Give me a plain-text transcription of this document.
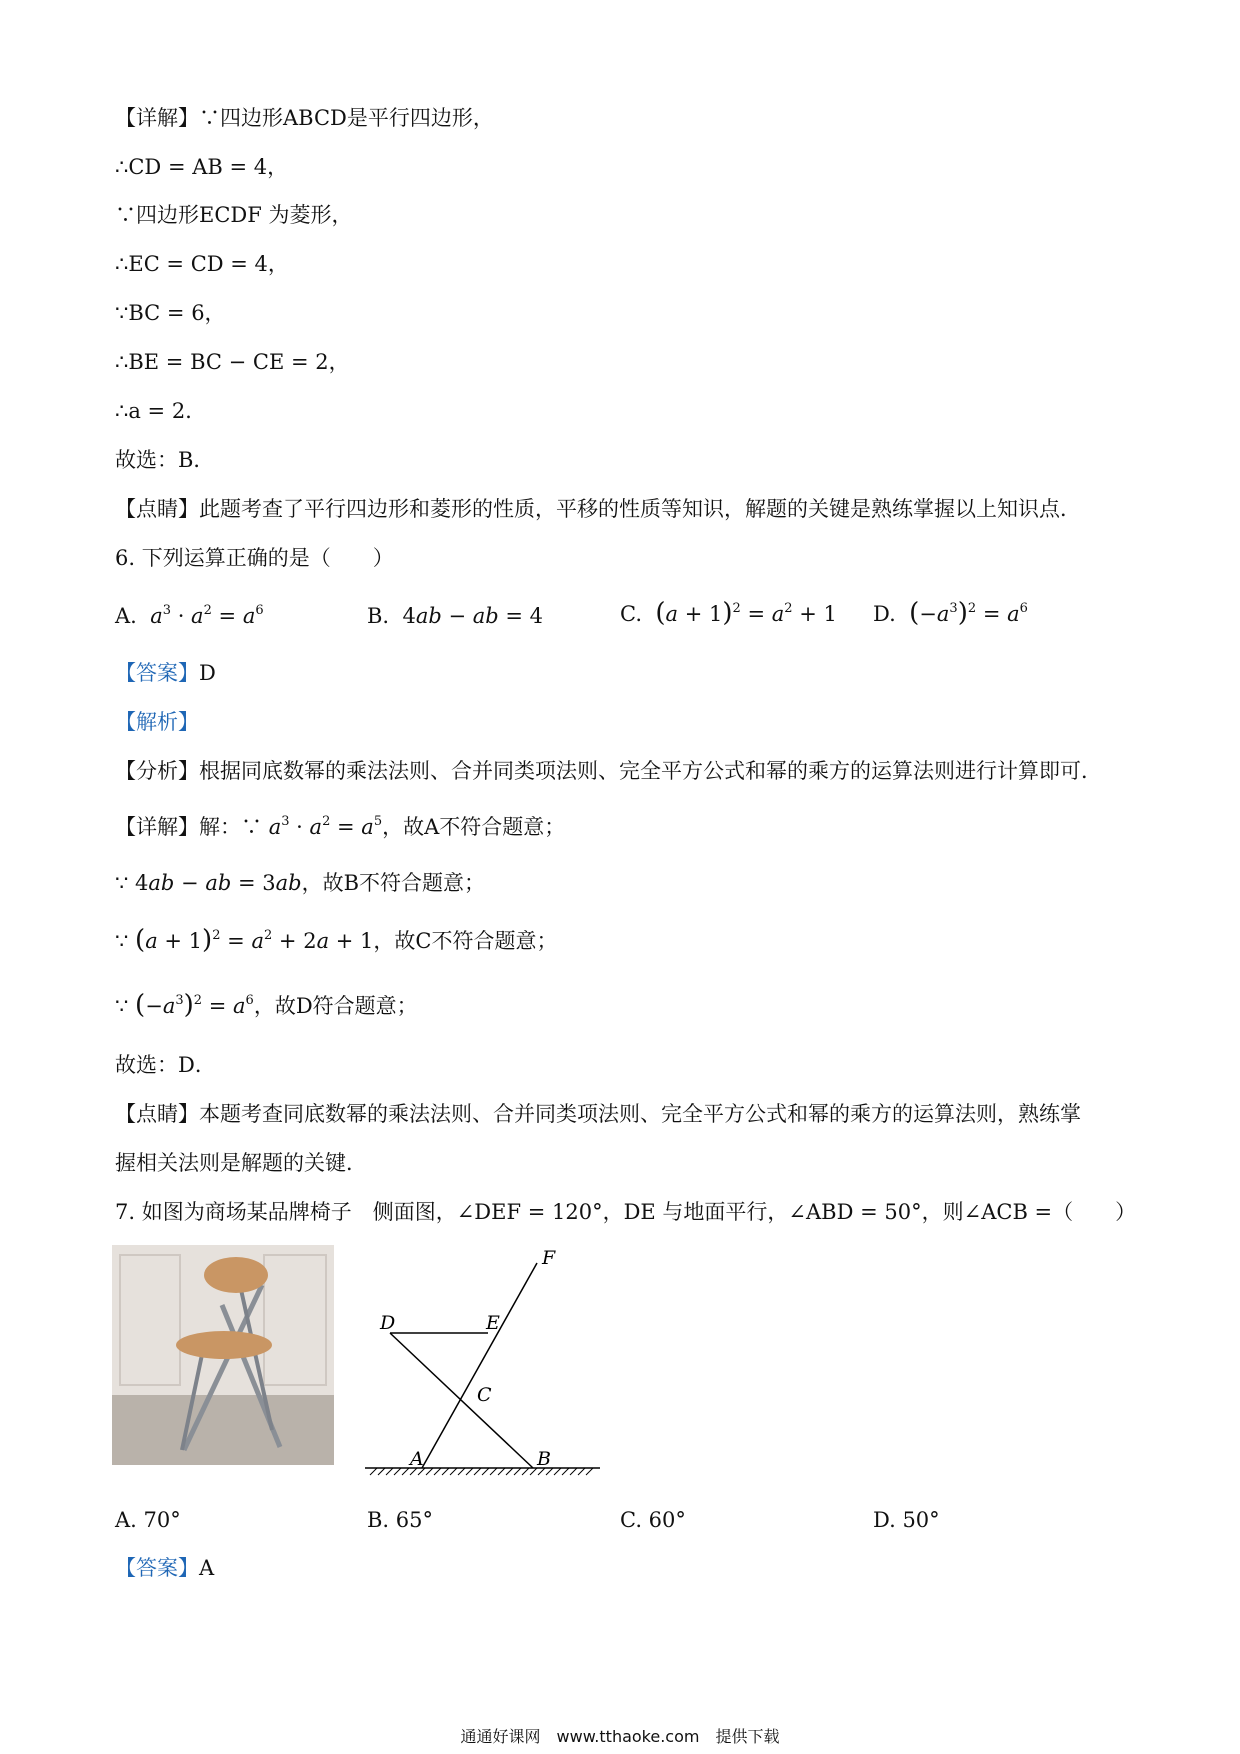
【详解】∵四边形ABCD是平行四边形，
∴CD = AB = 4，
∵四边形ECDF 为菱形，
∴EC = CD = 4，
∵BC = 6，
∴BE = BC − CE = 2，
∴a = 2．
故选：B．
【点睛】此题考查了平行四边形和菱形的性质，平移的性质等知识，解题的关键是熟练掌握以上知识点．
6. 下列运算正确的是（　　）
A. $a^3 \cdot a^2 = a^6$	B.  4ab − ab = 4	C. $(a + 1)^2 = a^2 + 1$ D. $(-a^3)^2 = a^6$
【答案】D
【解析】
【分析】根据同底数幂的乘法法则、合并同类项法则、完全平方公式和幂的乘方的运算法则进行计算即可．
【详解】解：∵ $a^3 \cdot a^2 = a^5$，故A不符合题意；
∵ 4ab − ab = 3ab，故B不符合题意；
∵ $(a + 1)^2 = a^2 + 2a + 1$，故C不符合题意；
∵ $(-a^3)^2 = a^6$，故D符合题意；
故选：D．
【点睛】本题考查同底数幂的乘法法则、合并同类项法则、完全平方公式和幂的乘方的运算法则，熟练掌
握相关法则是解题的关键．
7. 如图为商场某品牌椅子　侧面图，∠DEF = 120°，DE 与地面平行，∠ABD = 50°，则∠ACB =（　　）
A	B
C
D	E
F
A. 70°	B. 65°	C. 60°	D. 50°
【答案】A
通通好课网　www.tthaoke.com　提供下载
